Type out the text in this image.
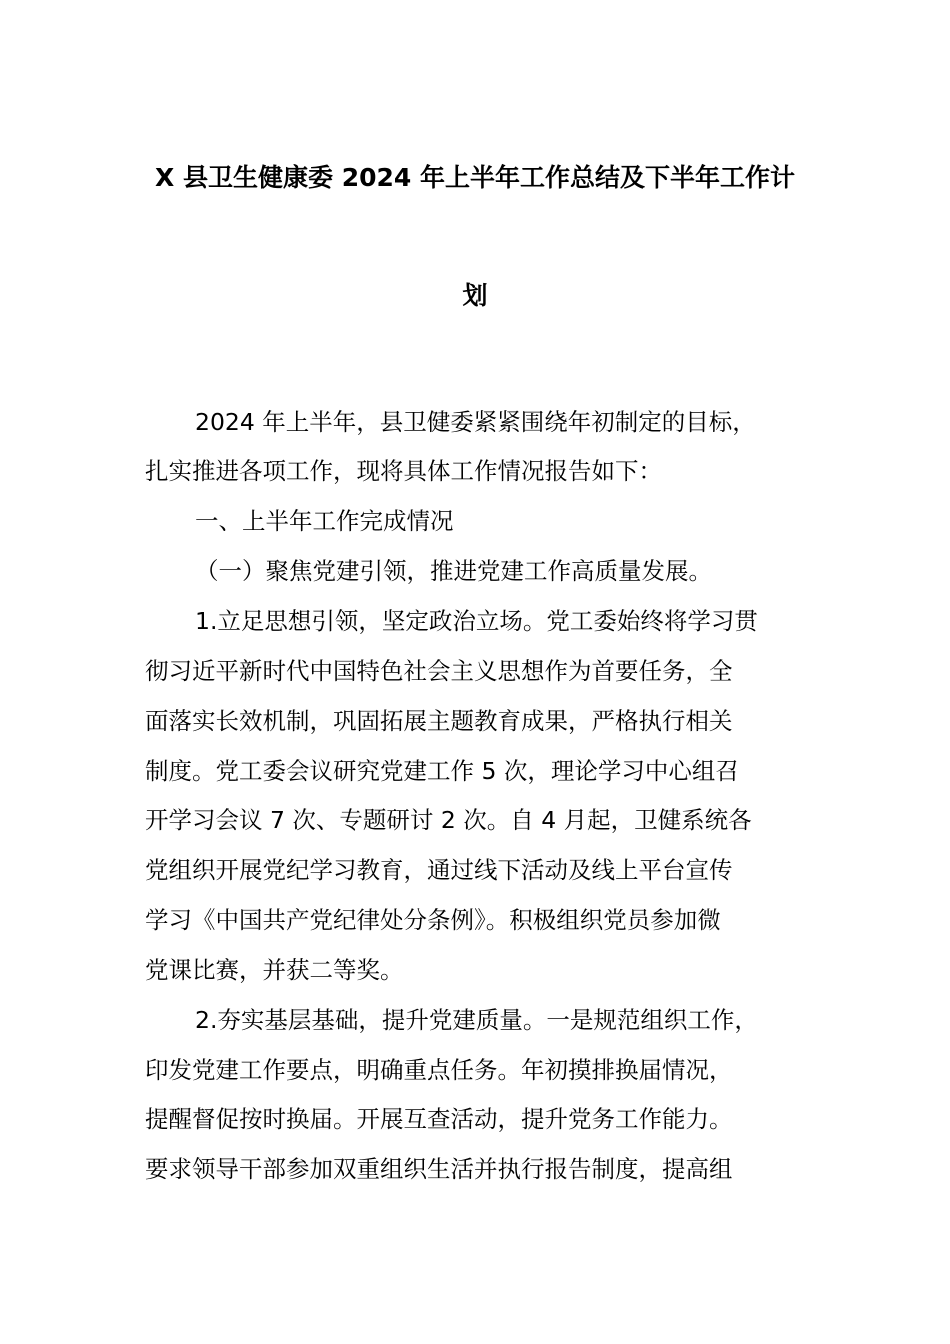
X 县卫生健康委 2024 年上半年工作总结及下半年工作计
划
2024 年上半年，县卫健委紧紧围绕年初制定的目标，
扎实推进各项工作，现将具体工作情况报告如下：
一、上半年工作完成情况
（一）聚焦党建引领，推进党建工作高质量发展。
1.立足思想引领，坚定政治立场。党工委始终将学习贯
彻习近平新时代中国特色社会主义思想作为首要任务，全
面落实长效机制，巩固拓展主题教育成果，严格执行相关
制度。党工委会议研究党建工作 5 次，理论学习中心组召
开学习会议 7 次、专题研讨 2 次。自 4 月起，卫健系统各
党组织开展党纪学习教育，通过线下活动及线上平台宣传
学习《中国共产党纪律处分条例》。积极组织党员参加微
党课比赛，并获二等奖。
2.夯实基层基础，提升党建质量。一是规范组织工作，
印发党建工作要点，明确重点任务。年初摸排换届情况，
提醒督促按时换届。开展互查活动，提升党务工作能力。
要求领导干部参加双重组织生活并执行报告制度，提高组
